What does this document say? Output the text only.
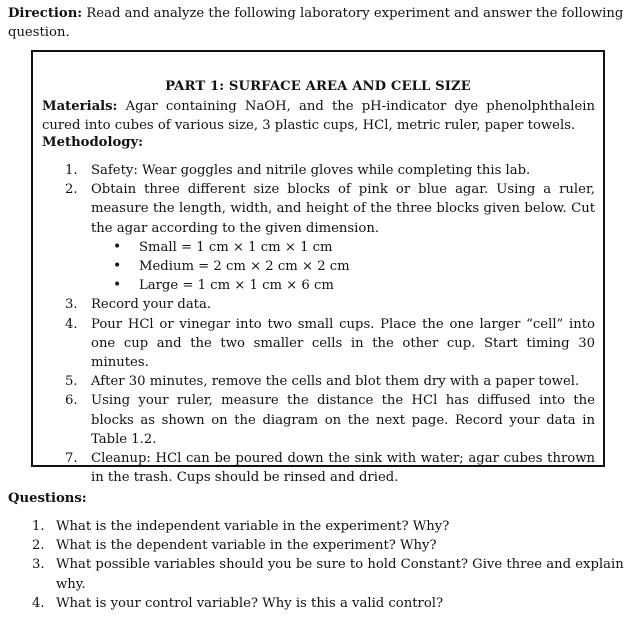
Direction: Read and analyze the following laboratory experiment and answer the following question.
PART 1: SURFACE AREA AND CELL SIZE
Materials: Agar containing NaOH, and the pH-indicator dye phenolphthalein cured into cubes of various size, 3 plastic cups, HCl, metric ruler, paper towels.
Methodology:
1. Safety: Wear goggles and nitrile gloves while completing this lab.
2. Obtain three different size blocks of pink or blue agar. Using a ruler, measure the length, width, and height of the three blocks given below. Cut the agar according to the given dimension.
• Small = 1 cm × 1 cm × 1 cm
• Medium = 2 cm × 2 cm × 2 cm
• Large = 1 cm × 1 cm × 6 cm
3. Record your data.
4. Pour HCl or vinegar into two small cups. Place the one larger “cell” into one cup and the two smaller cells in the other cup. Start timing 30 minutes.
5. After 30 minutes, remove the cells and blot them dry with a paper towel.
6. Using your ruler, measure the distance the HCl has diffused into the blocks as shown on the diagram on the next page. Record your data in Table 1.2.
7. Cleanup: HCl can be poured down the sink with water; agar cubes thrown in the trash. Cups should be rinsed and dried.
Questions:
1. What is the independent variable in the experiment? Why?
2. What is the dependent variable in the experiment? Why?
3. What possible variables should you be sure to hold Constant? Give three and explain why.
4. What is your control variable? Why is this a valid control?
